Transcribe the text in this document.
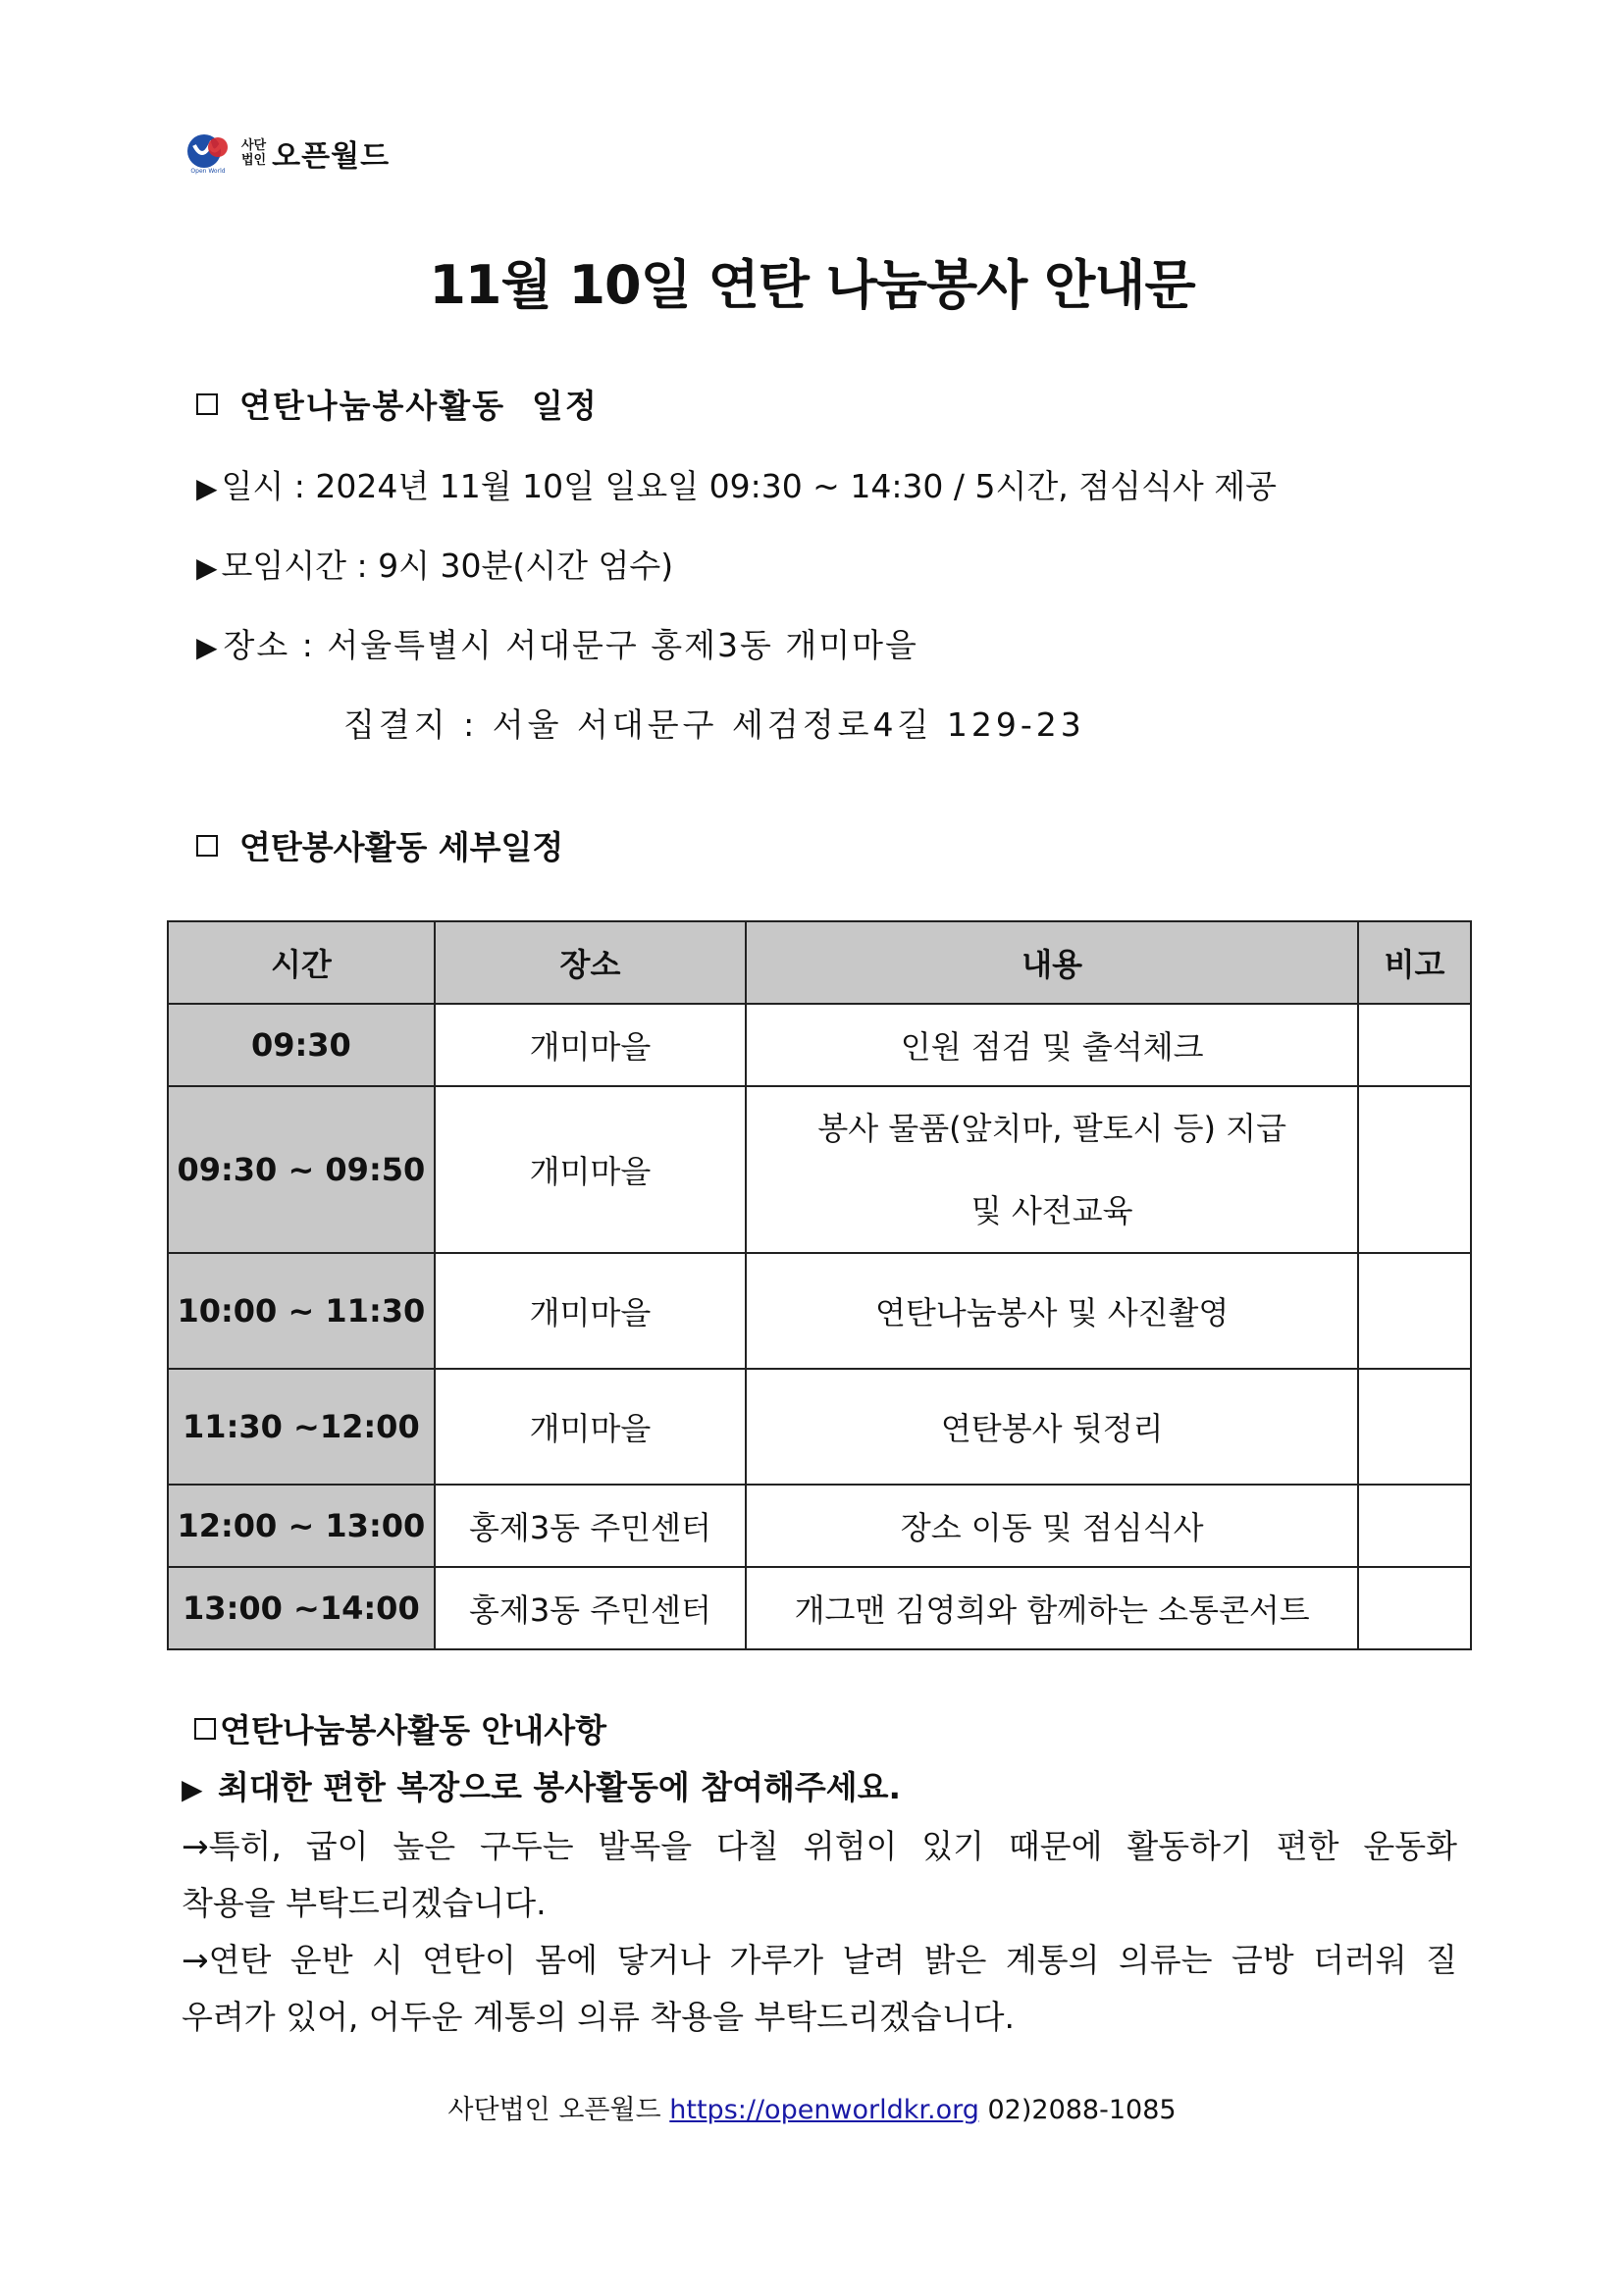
Open World
사단
법인 오픈월드
11월 10일 연탄 나눔봉사 안내문
연탄나눔봉사활동  일정
▶ 일시 : 2024년 11월 10일 일요일 09:30 ~ 14:30 / 5시간, 점심식사 제공
▶ 모임시간 : 9시 30분(시간 엄수)
▶ 장소 : 서울특별시 서대문구 홍제3동 개미마을
집결지 : 서울 서대문구 세검정로4길 129-23
연탄봉사활동 세부일정
시간	장소	내용	비고
09:30	개미마을	인원 점검 및 출석체크	
09:30 ~ 09:50	개미마을	봉사 물품(앞치마, 팔토시 등) 지급
및 사전교육	

10:00 ~ 11:30	개미마을	연탄나눔봉사 및 사진촬영	
11:30 ~12:00	개미마을	연탄봉사 뒷정리	
12:00 ~ 13:00	홍제3동 주민센터	장소 이동 및 점심식사	
13:00 ~14:00	홍제3동 주민센터	개그맨 김영희와 함께하는 소통콘서트	
연탄나눔봉사활동 안내사항
▶ 최대한 편한 복장으로 봉사활동에 참여해주세요.
→특히, 굽이 높은 구두는 발목을 다칠 위험이 있기 때문에 활동하기 편한 운동화
착용을 부탁드리겠습니다.
→연탄 운반 시 연탄이 몸에 닿거나 가루가 날려 밝은 계통의 의류는 금방 더러워 질
우려가 있어, 어두운 계통의 의류 착용을 부탁드리겠습니다.
사단법인 오픈월드 https://openworldkr.org 02)2088-1085
